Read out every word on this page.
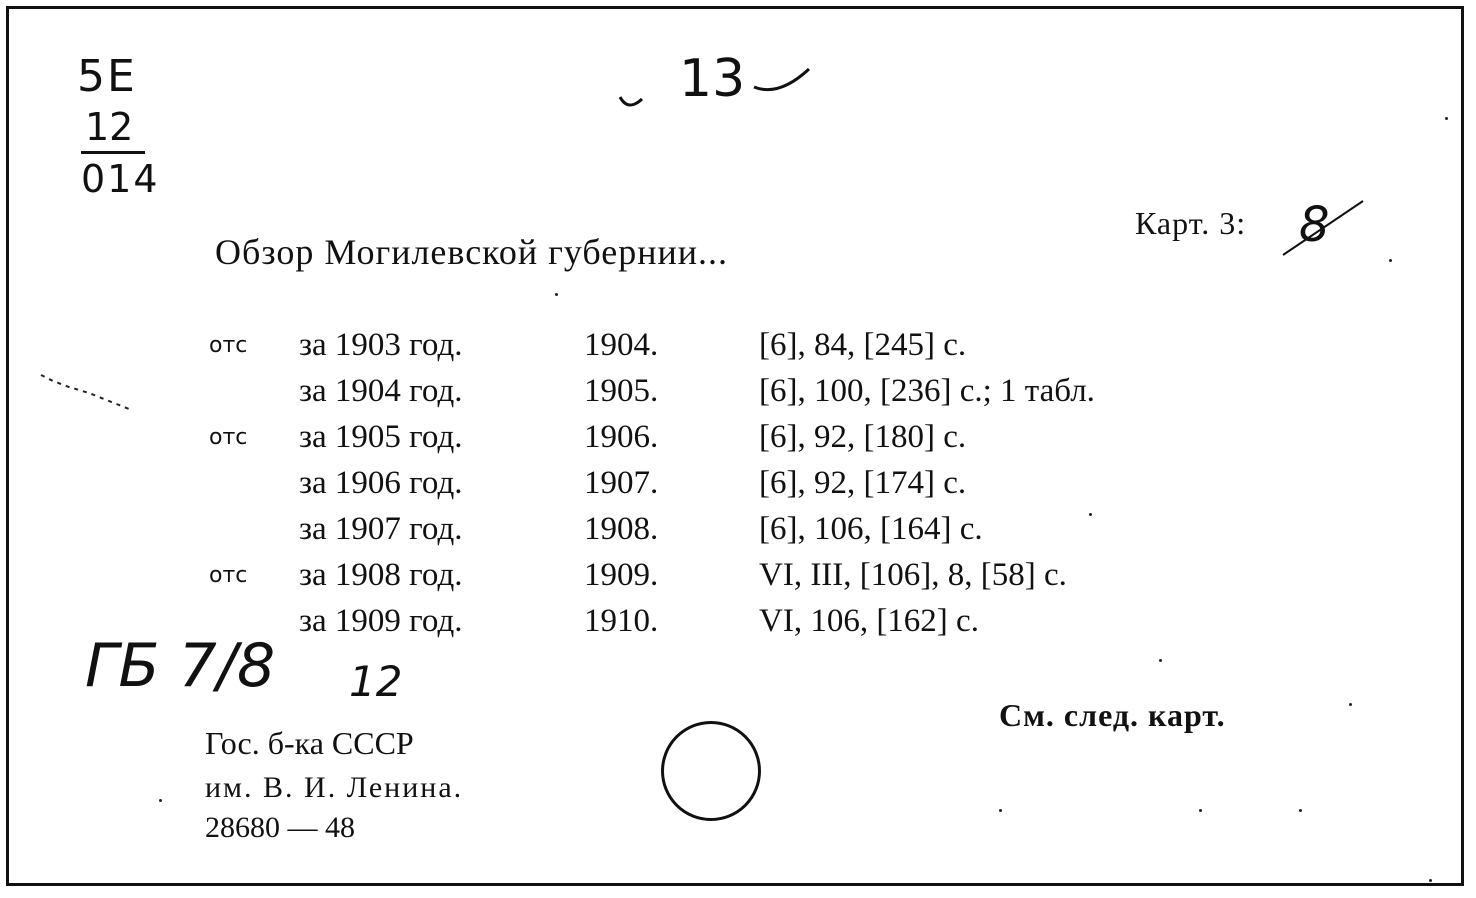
5E
12
014
13
Карт. 3: 8
Обзор Могилевской губернии...
отс за 1903 год.	1904.	[6], 84, [245] с.
за 1904 год.	1905.	[6], 100, [236] с.; 1 табл.
отс за 1905 год.	1906.	[6], 92, [180] с.
за 1906 год.	1907.	[6], 92, [174] с.
за 1907 год.	1908.	[6], 106, [164] с.
отс за 1908 год.	1909.	VI, III, [106], 8, [58] с.
за 1909 год.	1910.	VI, 106, [162] с.
ГБ 7/8 12
См. след. карт.
Гос. б-ка СССР
им. В. И. Ленина.
28680 — 48
